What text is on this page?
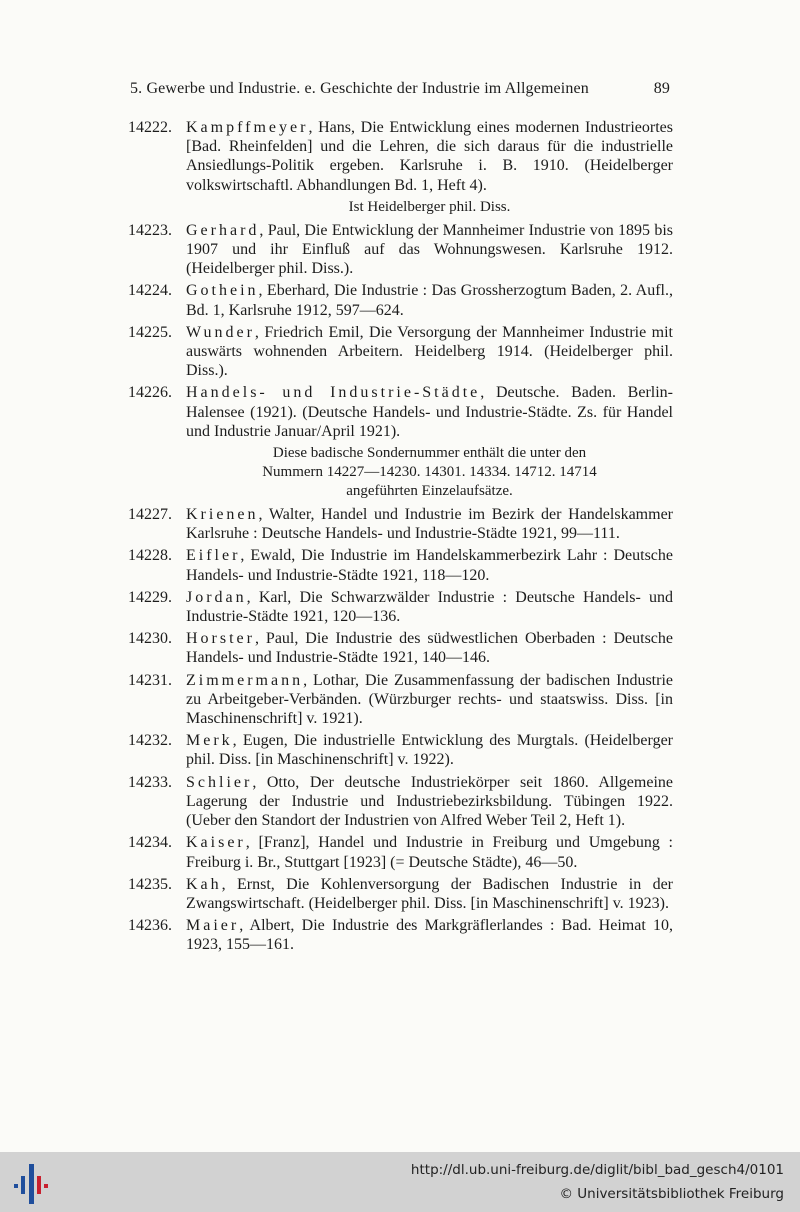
5. Gewerbe und Industrie. e. Geschichte der Industrie im Allgemeinen	89
14222. Kampffmeyer, Hans, Die Entwicklung eines modernen Industrieortes [Bad. Rheinfelden] und die Lehren, die sich daraus für die industrielle Ansiedlungs-Politik ergeben. Karlsruhe i. B. 1910. (Heidelberger volkswirtschaftl. Abhandlungen Bd. 1, Heft 4).
Ist Heidelberger phil. Diss.
14223. Gerhard, Paul, Die Entwicklung der Mannheimer Industrie von 1895 bis 1907 und ihr Einfluß auf das Wohnungswesen. Karlsruhe 1912. (Heidelberger phil. Diss.).
14224. Gothein, Eberhard, Die Industrie : Das Grossherzogtum Baden, 2. Aufl., Bd. 1, Karlsruhe 1912, 597—624.
14225. Wunder, Friedrich Emil, Die Versorgung der Mannheimer Industrie mit auswärts wohnenden Arbeitern. Heidelberg 1914. (Heidelberger phil. Diss.).
14226. Handels- und Industrie-Städte, Deutsche. Baden. Berlin-Halensee (1921). (Deutsche Handels- und Industrie-Städte. Zs. für Handel und Industrie Januar/April 1921).
Diese badische Sondernummer enthält die unter den
Nummern 14227—14230. 14301. 14334. 14712. 14714
angeführten Einzelaufsätze.
14227. Krienen, Walter, Handel und Industrie im Bezirk der Handelskammer Karlsruhe : Deutsche Handels- und Industrie-Städte 1921, 99—111.
14228. Eifler, Ewald, Die Industrie im Handelskammerbezirk Lahr : Deutsche Handels- und Industrie-Städte 1921, 118—120.
14229. Jordan, Karl, Die Schwarzwälder Industrie : Deutsche Handels- und Industrie-Städte 1921, 120—136.
14230. Horster, Paul, Die Industrie des südwestlichen Oberbaden : Deutsche Handels- und Industrie-Städte 1921, 140—146.
14231. Zimmermann, Lothar, Die Zusammenfassung der badischen Industrie zu Arbeitgeber-Verbänden. (Würzburger rechts- und staatswiss. Diss. [in Maschinenschrift] v. 1921).
14232. Merk, Eugen, Die industrielle Entwicklung des Murgtals. (Heidelberger phil. Diss. [in Maschinenschrift] v. 1922).
14233. Schlier, Otto, Der deutsche Industriekörper seit 1860. Allgemeine Lagerung der Industrie und Industriebezirksbildung. Tübingen 1922. (Ueber den Standort der Industrien von Alfred Weber Teil 2, Heft 1).
14234. Kaiser, [Franz], Handel und Industrie in Freiburg und Umgebung : Freiburg i. Br., Stuttgart [1923] (= Deutsche Städte), 46—50.
14235. Kah, Ernst, Die Kohlenversorgung der Badischen Industrie in der Zwangswirtschaft. (Heidelberger phil. Diss. [in Maschinenschrift] v. 1923).
14236. Maier, Albert, Die Industrie des Markgräflerlandes : Bad. Heimat 10, 1923, 155—161.
http://dl.ub.uni-freiburg.de/diglit/bibl_bad_gesch4/0101
© Universitätsbibliothek Freiburg
